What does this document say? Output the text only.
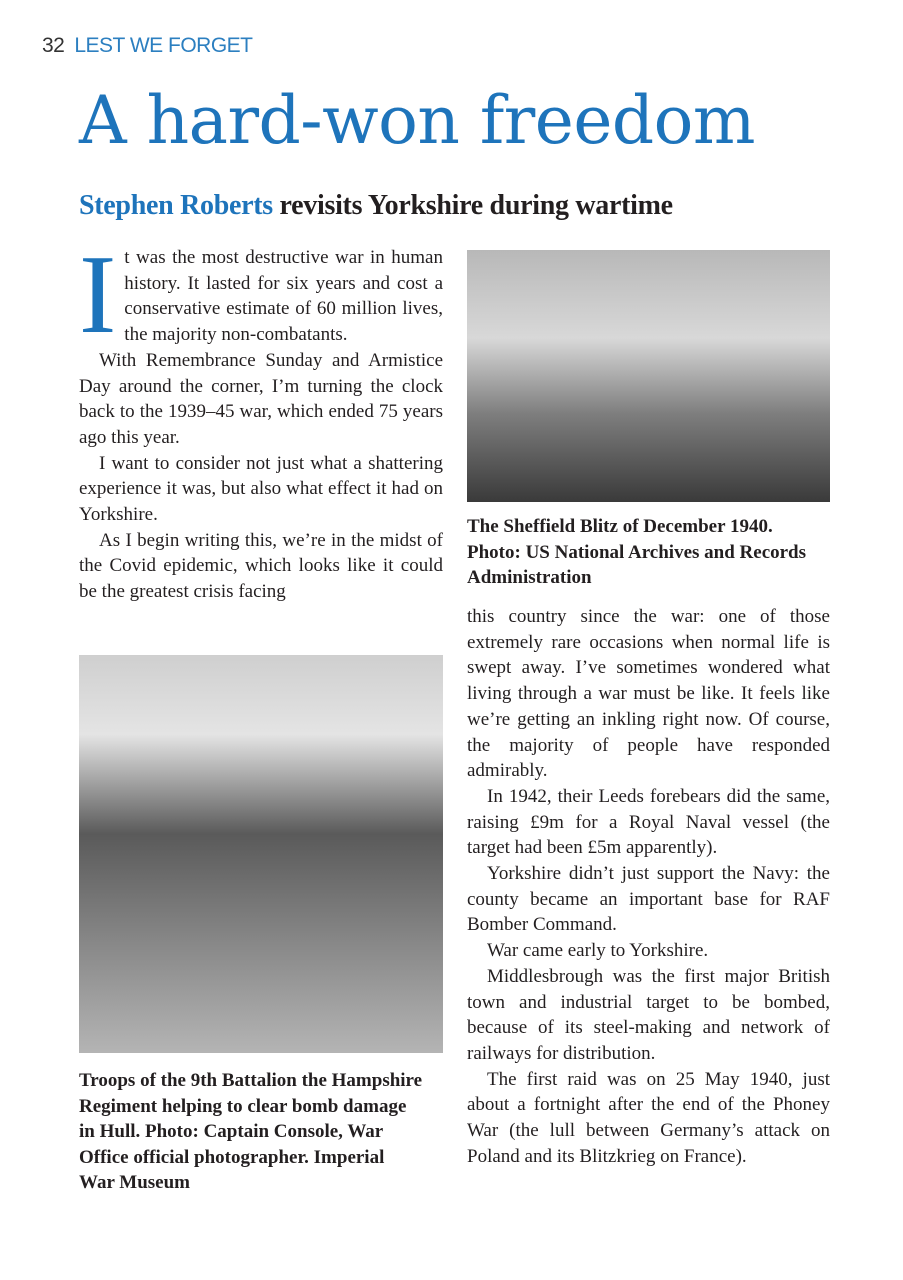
32 LEST WE FORGET
A hard-won freedom
Stephen Roberts revisits Yorkshire during wartime

It was the most destructive war in human history. It lasted for six years and cost a conservative estimate of 60 million lives, the majority non-combatants.

With Remembrance Sunday and Armistice Day around the corner, I’m turning the clock back to the 1939–45 war, which ended 75 years ago this year.

I want to consider not just what a shattering experience it was, but also what effect it had on Yorkshire.

As I begin writing this, we’re in the midst of the Covid epidemic, which looks like it could be the greatest crisis facing

The Sheffield Blitz of December 1940. Photo: US National Archives and Records Administration
Troops of the 9th Battalion the Hampshire Regiment helping to clear bomb damage in Hull. Photo: Captain Console, War Office official photographer. Imperial War Museum

this country since the war: one of those extremely rare occasions when normal life is swept away. I’ve sometimes wondered what living through a war must be like. It feels like we’re getting an inkling right now. Of course, the majority of people have responded admirably.

In 1942, their Leeds forebears did the same, raising £9m for a Royal Naval vessel (the target had been £5m apparently).

Yorkshire didn’t just support the Navy: the county became an important base for RAF Bomber Command.

War came early to Yorkshire.

Middlesbrough was the first major British town and industrial target to be bombed, because of its steel-making and network of railways for distribution.

The first raid was on 25 May 1940, just about a fortnight after the end of the Phoney War (the lull between Germany’s attack on Poland and its Blitzkrieg on France).
